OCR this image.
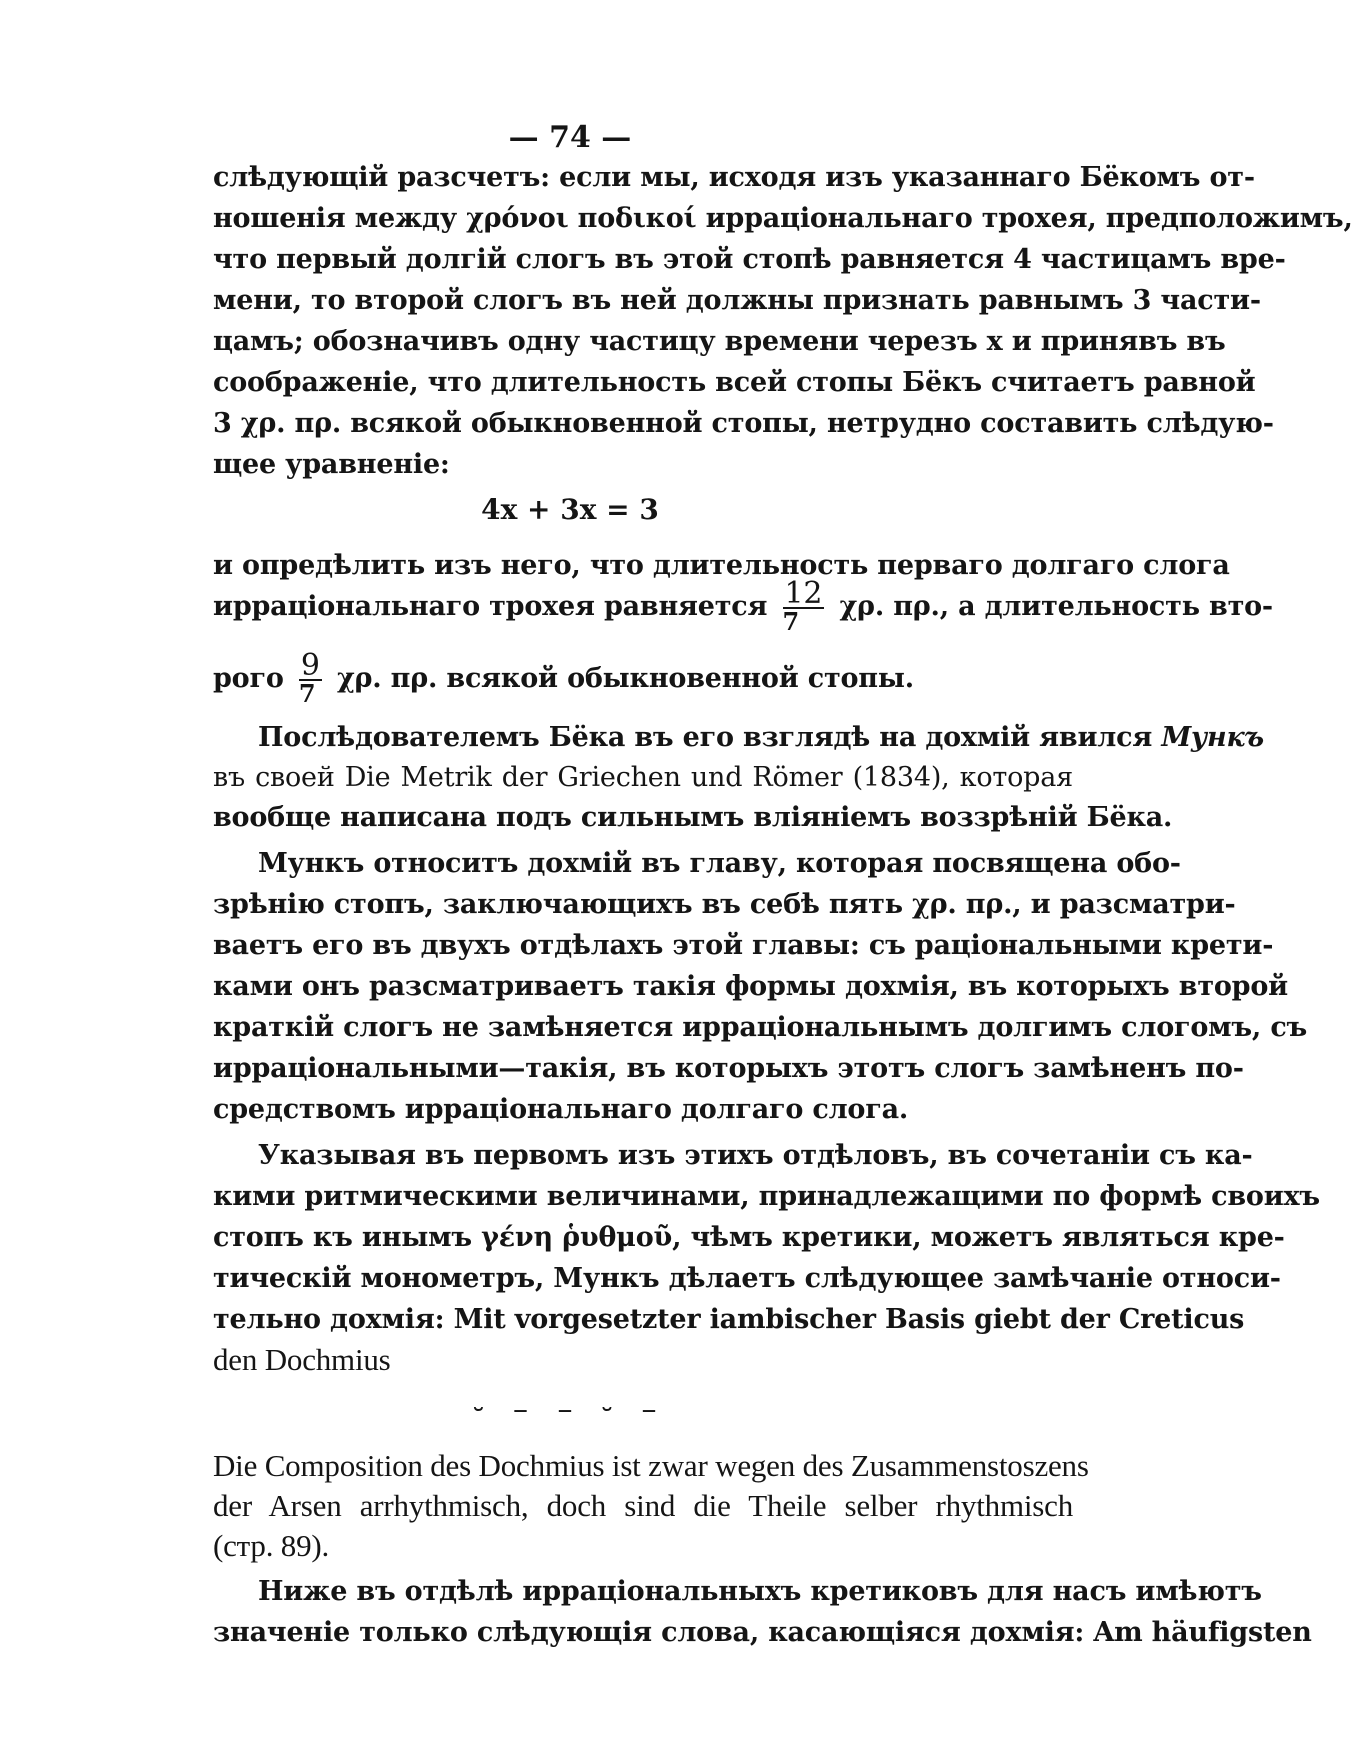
— 74 —
слѣдующій разсчетъ: если мы, исходя изъ указаннаго Бёкомъ от-
ношенія между χρόνοι ποδικοί ирраціональнаго трохея, предположимъ,
что первый долгій слогъ въ этой стопѣ равняется 4 частицамъ вре-
мени, то второй слогъ въ ней должны признать равнымъ 3 части-
цамъ; обозначивъ одну частицу времени черезъ x и принявъ въ
соображеніе, что длительность всей стопы Бёкъ считаетъ равной
3 χρ. πρ. всякой обыкновенной стопы, нетрудно составить слѣдую-
щее уравненіе:
4x + 3x = 3
и опредѣлить изъ него, что длительность перваго долгаго слога
ирраціональнаго трохея равняется $\frac{12}{7} \chi\rho$. πρ., а длительность вто-
рого $\frac{9}{7} \chi\rho$. πρ. всякой обыкновенной стопы.
Послѣдователемъ Бёка въ его взглядѣ на дохмій явился Мункъ
въ своей Die Metrik der Griechen und Römer (1834), которая
вообще написана подъ сильнымъ вліяніемъ воззрѣній Бёка.
Мункъ относитъ дохмій въ главу, которая посвящена обо-
зрѣнію стопъ, заключающихъ въ себѣ пять χρ. πρ., и разсматри-
ваетъ его въ двухъ отдѣлахъ этой главы: съ раціональными крети-
ками онъ разсматриваетъ такія формы дохмія, въ которыхъ второй
краткій слогъ не замѣняется ирраціональнымъ долгимъ слогомъ, съ
ирраціональными—такія, въ которыхъ этотъ слогъ замѣненъ по-
средствомъ ирраціональнаго долгаго слога.
Указывая въ первомъ изъ этихъ отдѣловъ, въ сочетаніи съ ка-
кими ритмическими величинами, принадлежащими по формѣ своихъ
стопъ къ инымъ γένη ῥυθμοῦ, чѣмъ кретики, можетъ являться кре-
тическій монометръ, Мункъ дѣлаетъ слѣдующее замѣчаніе относи-
тельно дохмія: Mit vorgesetzter iambischer Basis giebt der Creticus
den Dochmius
⏑ – – ⏑ –
Die Composition des Dochmius ist zwar wegen des Zusammenstoszens
der Arsen arrhythmisch, doch sind die Theile selber rhythmisch
(стр. 89).
Ниже въ отдѣлѣ ирраціональныхъ кретиковъ для насъ имѣютъ
значеніе только слѣдующія слова, касающіяся дохмія: Am häufigsten
